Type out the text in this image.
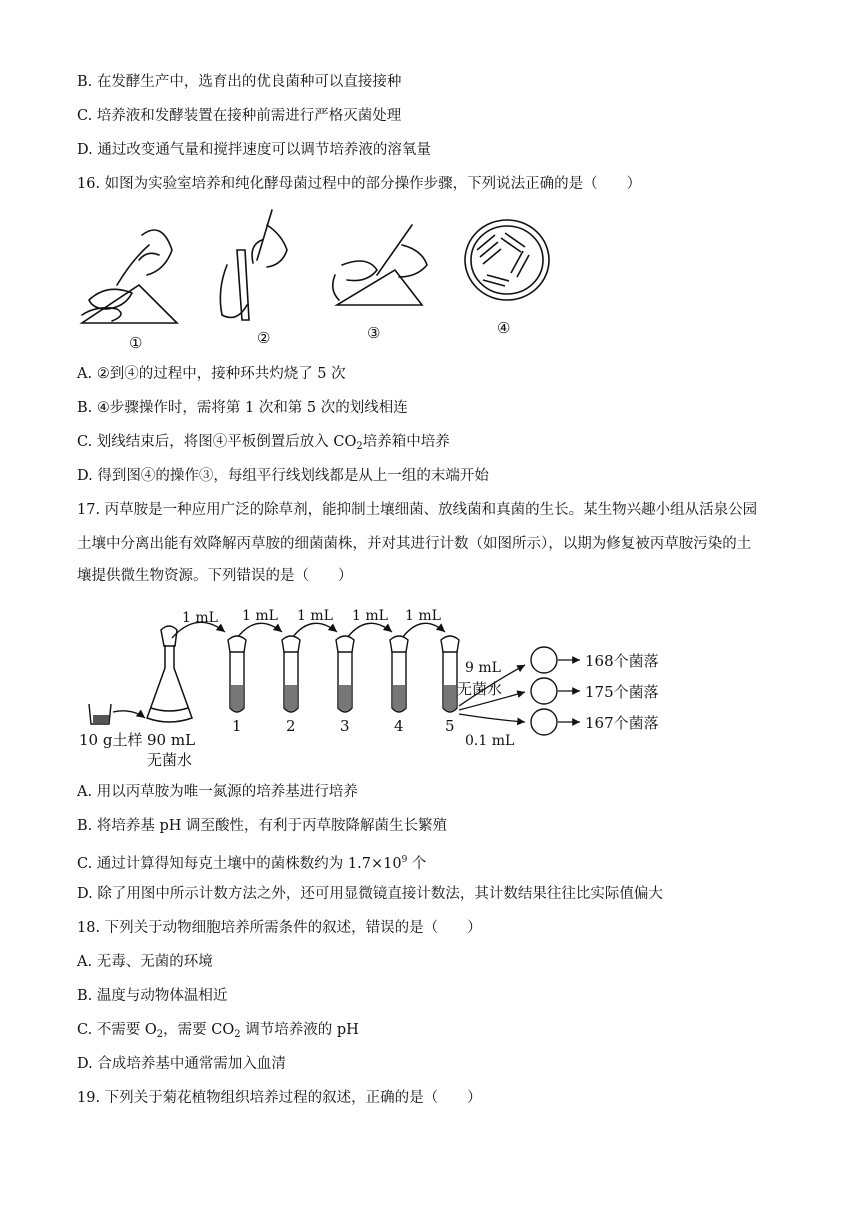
B. 在发酵生产中，选育出的优良菌种可以直接接种
C. 培养液和发酵装置在接种前需进行严格灭菌处理
D. 通过改变通气量和搅拌速度可以调节培养液的溶氧量
16. 如图为实验室培养和纯化酵母菌过程中的部分操作步骤，下列说法正确的是（　　）
①	②	③	④
A. ②到④的过程中，接种环共灼烧了 5 次
B. ④步骤操作时，需将第 1 次和第 5 次的划线相连
C. 划线结束后，将图④平板倒置后放入 $CO_2$培养箱中培养
D. 得到图④的操作③，每组平行线划线都是从上一组的末端开始
17. 丙草胺是一种应用广泛的除草剂，能抑制土壤细菌、放线菌和真菌的生长。某生物兴趣小组从活泉公园
土壤中分离出能有效降解丙草胺的细菌菌株，并对其进行计数（如图所示），以期为修复被丙草胺污染的土
壤提供微生物资源。下列错误的是（　　）
10 g土样 90 mL
无菌水
1 mL 1 mL 1 mL 1 mL 1 mL
1	2	3	4	5
9 mL
无菌水
0.1 mL
168个菌落
175个菌落
167个菌落
A. 用以丙草胺为唯一氮源的培养基进行培养
B. 将培养基 pH 调至酸性，有利于丙草胺降解菌生长繁殖
C. 通过计算得知每克土壤中的菌株数约为 $1.7\times 10^9$ 个
D. 除了用图中所示计数方法之外，还可用显微镜直接计数法，其计数结果往往比实际值偏大
18. 下列关于动物细胞培养所需条件的叙述，错误的是（　　）
A. 无毒、无菌的环境
B. 温度与动物体温相近
C. 不需要 $O_2$，需要 $CO_2$ 调节培养液的 pH
D. 合成培养基中通常需加入血清
19. 下列关于菊花植物组织培养过程的叙述，正确的是（　　）
